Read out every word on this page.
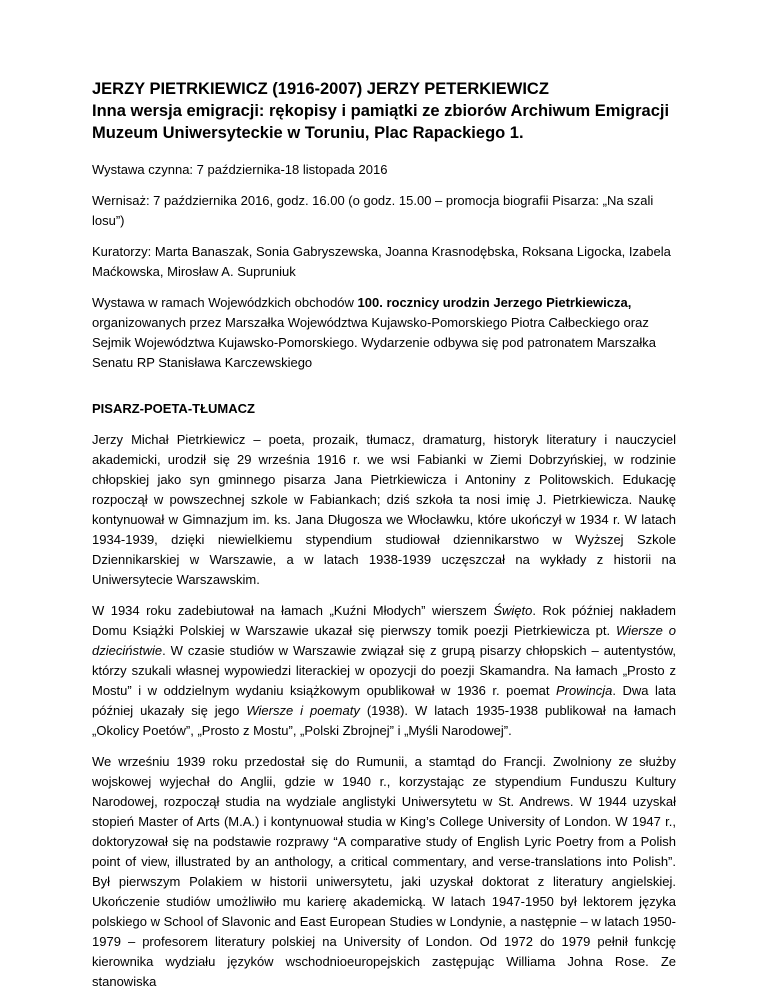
JERZY PIETRKIEWICZ (1916-2007) JERZY PETERKIEWICZ
Inna wersja emigracji: rękopisy i pamiątki ze zbiorów Archiwum Emigracji
Muzeum Uniwersyteckie w Toruniu, Plac Rapackiego 1.

Wystawa czynna: 7 października-18 listopada 2016

Wernisaż: 7 października 2016, godz. 16.00 (o godz. 15.00 – promocja biografii Pisarza: „Na szali losu”)

Kuratorzy: Marta Banaszak, Sonia Gabryszewska, Joanna Krasnodębska, Roksana Ligocka, Izabela Maćkowska, Mirosław A. Supruniuk

Wystawa w ramach Wojewódzkich obchodów 100. rocznicy urodzin Jerzego Pietrkiewicza, organizowanych przez Marszałka Województwa Kujawsko-Pomorskiego Piotra Całbeckiego oraz Sejmik Województwa Kujawsko-Pomorskiego. Wydarzenie odbywa się pod patronatem Marszałka Senatu RP Stanisława Karczewskiego

PISARZ-POETA-TŁUMACZ

Jerzy Michał Pietrkiewicz – poeta, prozaik, tłumacz, dramaturg, historyk literatury i nauczyciel akademicki, urodził się 29 września 1916 r. we wsi Fabianki w Ziemi Dobrzyńskiej, w rodzinie chłopskiej jako syn gminnego pisarza Jana Pietrkiewicza i Antoniny z Politowskich. Edukację rozpoczął w powszechnej szkole w Fabiankach; dziś szkoła ta nosi imię J. Pietrkiewicza. Naukę kontynuował w Gimnazjum im. ks. Jana Długosza we Włocławku, które ukończył w 1934 r. W latach 1934-1939, dzięki niewielkiemu stypendium studiował dziennikarstwo w Wyższej Szkole Dziennikarskiej w Warszawie, a w latach 1938-1939 uczęszczał na wykłady z historii na Uniwersytecie Warszawskim.

W 1934 roku zadebiutował na łamach „Kuźni Młodych” wierszem Święto. Rok później nakładem Domu Książki Polskiej w Warszawie ukazał się pierwszy tomik poezji Pietrkiewicza pt. Wiersze o dzieciństwie. W czasie studiów w Warszawie związał się z grupą pisarzy chłopskich – autentystów, którzy szukali własnej wypowiedzi literackiej w opozycji do poezji Skamandra. Na łamach „Prosto z Mostu” i w oddzielnym wydaniu książkowym opublikował w 1936 r. poemat Prowincja. Dwa lata później ukazały się jego Wiersze i poematy (1938). W latach 1935-1938 publikował na łamach „Okolicy Poetów”, „Prosto z Mostu”, „Polski Zbrojnej” i „Myśli Narodowej”.

We wrześniu 1939 roku przedostał się do Rumunii, a stamtąd do Francji. Zwolniony ze służby wojskowej wyjechał do Anglii, gdzie w 1940 r., korzystając ze stypendium Funduszu Kultury Narodowej, rozpoczął studia na wydziale anglistyki Uniwersytetu w St. Andrews. W 1944 uzyskał stopień Master of Arts (M.A.) i kontynuował studia w King’s College University of London. W 1947 r., doktoryzował się na podstawie rozprawy “A comparative study of English Lyric Poetry from a Polish point of view, illustrated by an anthology, a critical commentary, and verse-translations into Polish”. Był pierwszym Polakiem w historii uniwersytetu, jaki uzyskał doktorat z literatury angielskiej. Ukończenie studiów umożliwiło mu karierę akademicką. W latach 1947-1950 był lektorem języka polskiego w School of Slavonic and East European Studies w Londynie, a następnie – w latach 1950-1979 – profesorem literatury polskiej na University of London. Od 1972 do 1979 pełnił funkcję kierownika wydziału języków wschodnioeuropejskich zastępując Williama Johna Rose. Ze stanowiska
